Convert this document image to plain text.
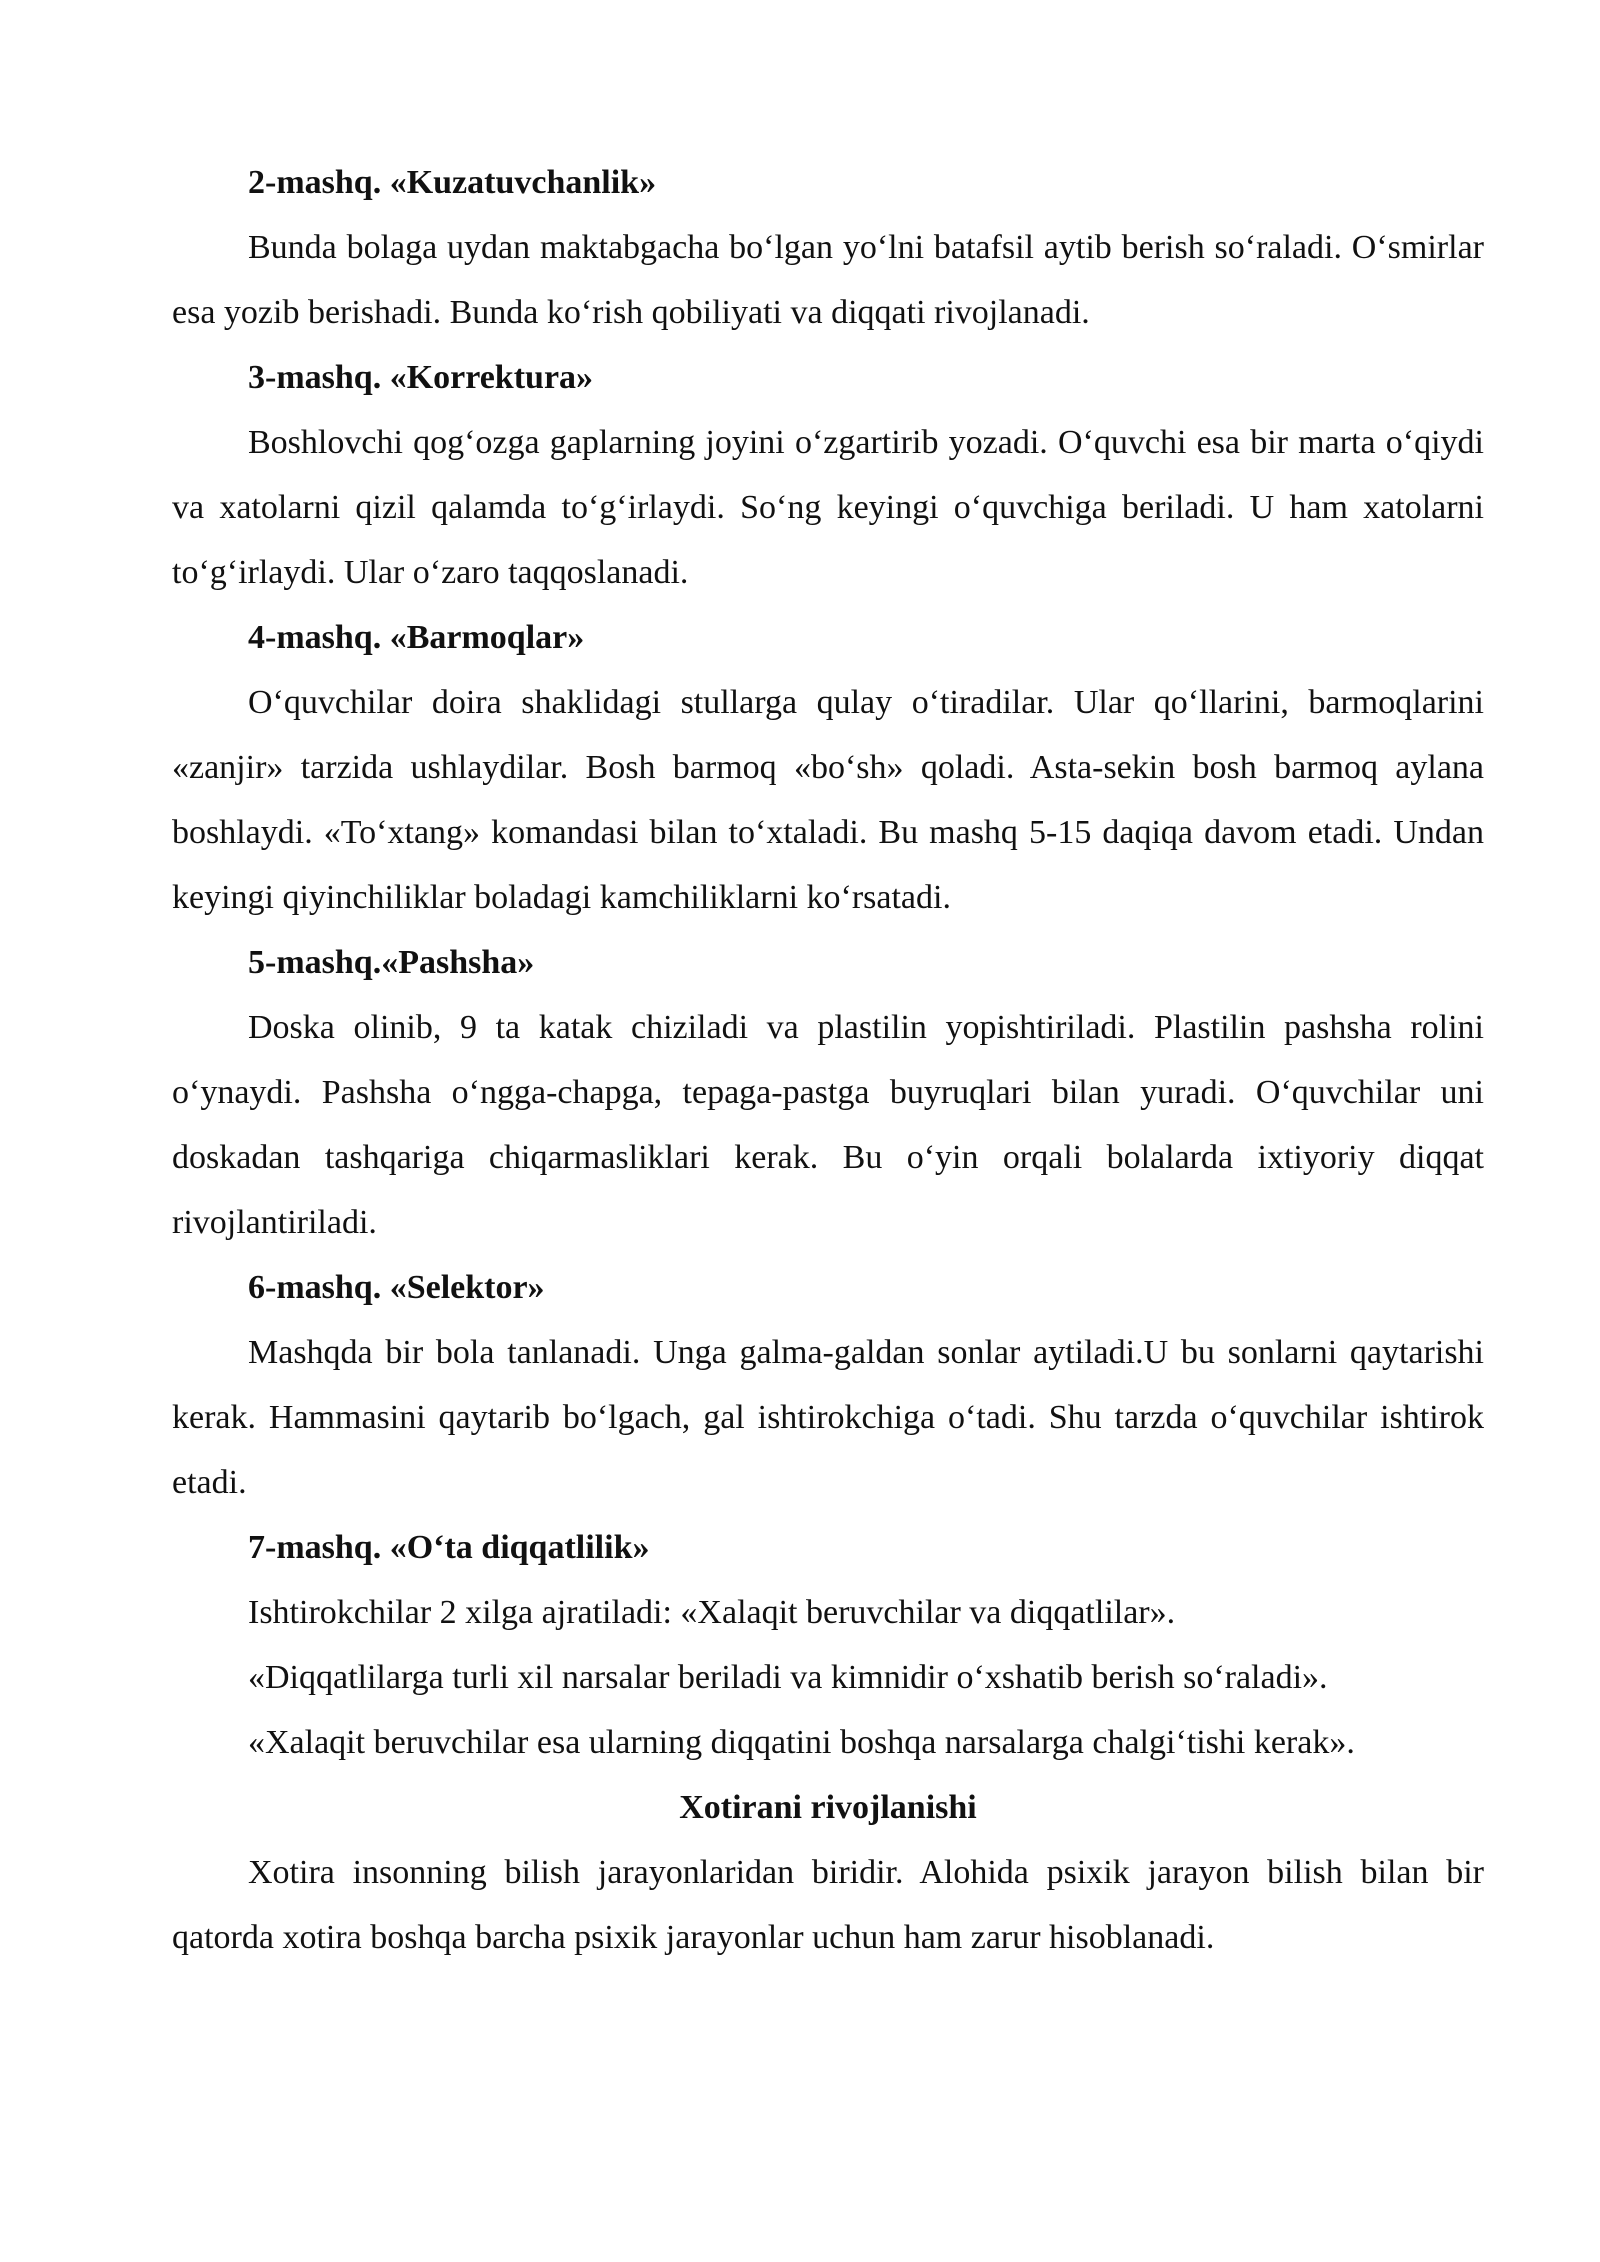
2-mashq. «Kuzatuvchanlik»

Bunda bolaga uydan maktabgacha bo‘lgan yo‘lni batafsil aytib berish so‘raladi. O‘smirlar esa yozib berishadi. Bunda ko‘rish qobiliyati va diqqati rivojlanadi.

3-mashq. «Korrektura»

Boshlovchi qog‘ozga gaplarning joyini o‘zgartirib yozadi. O‘quvchi esa bir marta o‘qiydi va xatolarni qizil qalamda to‘g‘irlaydi. So‘ng keyingi o‘quvchiga beriladi. U ham xatolarni to‘g‘irlaydi. Ular o‘zaro taqqoslanadi.

4-mashq. «Barmoqlar»

O‘quvchilar doira shaklidagi stullarga qulay o‘tiradilar. Ular qo‘llarini, barmoqlarini «zanjir» tarzida ushlaydilar. Bosh barmoq «bo‘sh» qoladi. Asta-sekin bosh barmoq aylana boshlaydi. «To‘xtang» komandasi bilan to‘xtaladi. Bu mashq 5-15 daqiqa davom etadi. Undan keyingi qiyinchiliklar boladagi kamchiliklarni ko‘rsatadi.

5-mashq.«Pashsha»

Doska olinib, 9 ta katak chiziladi va plastilin yopishtiriladi. Plastilin pashsha rolini o‘ynaydi. Pashsha o‘ngga-chapga, tepaga-pastga buyruqlari bilan yuradi. O‘quvchilar uni doskadan tashqariga chiqarmasliklari kerak. Bu o‘yin orqali bolalarda ixtiyoriy diqqat rivojlantiriladi.

6-mashq. «Selektor»

Mashqda bir bola tanlanadi. Unga galma-galdan sonlar aytiladi.U bu sonlarni qaytarishi kerak. Hammasini qaytarib bo‘lgach, gal ishtirokchiga o‘tadi. Shu tarzda o‘quvchilar ishtirok etadi.

7-mashq. «O‘ta diqqatlilik»

Ishtirokchilar 2 xilga ajratiladi: «Xalaqit beruvchilar va diqqatlilar».

«Diqqatlilarga turli xil narsalar beriladi va kimnidir o‘xshatib berish so‘raladi».

«Xalaqit beruvchilar esa ularning diqqatini boshqa narsalarga chalgi‘tishi kerak».

Xotirani rivojlanishi

Xotira insonning bilish jarayonlaridan biridir. Alohida psixik jarayon bilish bilan bir qatorda xotira boshqa barcha psixik jarayonlar uchun ham zarur hisoblanadi.
